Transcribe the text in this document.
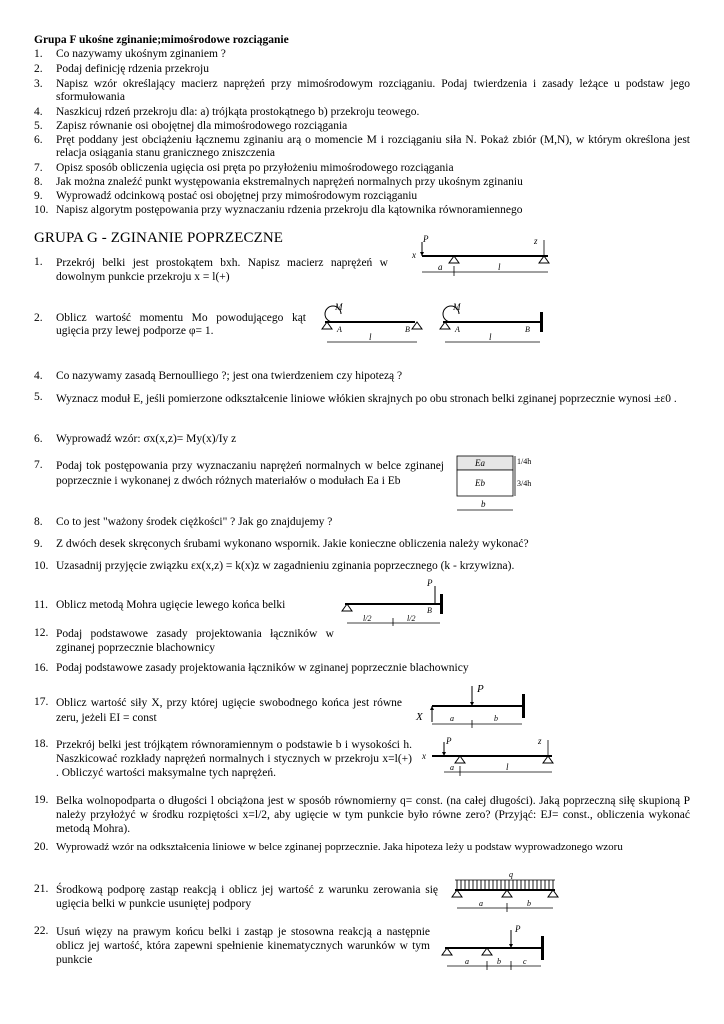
Grupa F ukośne zginanie;mimośrodowe rozciąganie
1.	Co nazywamy ukośnym zginaniem ?
2.	Podaj definicję rdzenia przekroju
3.	Napisz wzór określający macierz naprężeń przy mimośrodowym rozciąganiu. Podaj twierdzenia i zasady leżące u podstaw jego sformułowania
4.	Naszkicuj rdzeń przekroju dla: a) trójkąta prostokątnego b) przekroju teowego.
5.	Zapisz równanie osi obojętnej dla mimośrodowego rozciągania
6.	Pręt poddany jest obciążeniu łącznemu zginaniu arą o momencie M i rozciąganiu siła N. Pokaż zbiór (M,N), w którym określona jest relacja osiągania stanu granicznego zniszczenia
7.	Opisz sposób obliczenia ugięcia osi pręta po przyłożeniu mimośrodowego rozciągania
8.	Jak można znaleźć punkt występowania ekstremalnych naprężeń normalnych przy ukośnym zginaniu
9.	Wyprowadź odcinkową postać osi obojętnej przy mimośrodowym rozciąganiu
10. Napisz algorytm postępowania przy wyznaczaniu rdzenia przekroju dla kątownika równoramiennego
GRUPA G - ZGINANIE POPRZECZNE
1.	Przekrój belki jest prostokątem bxh. Napisz macierz naprężeń w dowolnym punkcie przekroju x = l(+)
2.	Oblicz wartość momentu Mo powodującego kąt ugięcia przy lewej podporze φ= 1.
4.	Co nazywamy zasadą Bernoulliego ?; jest ona twierdzeniem czy hipotezą ?
5.	Wyznacz moduł E, jeśli pomierzone odkształcenie liniowe włókien skrajnych po obu stronach belki zginanej poprzecznie wynosi ±ε0 .
6.	Wyprowadź wzór: σx(x,z)= My(x)/Iy z
7.	Podaj tok postępowania przy wyznaczaniu naprężeń normalnych w belce zginanej poprzecznie i wykonanej z dwóch różnych materiałów o modułach Ea i Eb
8.	Co to jest "ważony środek ciężkości" ? Jak go znajdujemy ?
9.	Z dwóch desek skręconych śrubami wykonano wspornik. Jakie konieczne obliczenia należy wykonać?
10. Uzasadnij przyjęcie związku εx(x,z) = k(x)z w zagadnieniu zginania poprzecznego (k - krzywizna).
11. Oblicz metodą Mohra ugięcie lewego końca belki
12. Podaj podstawowe zasady projektowania łączników w zginanej poprzecznie blachownicy
16. Podaj podstawowe zasady projektowania łączników w zginanej poprzecznie blachownicy
17. Oblicz wartość siły X, przy której ugięcie swobodnego końca jest równe zeru, jeżeli EI = const
18. Przekrój belki jest trójkątem równoramiennym o podstawie b i wysokości h. Naszkicować rozkłady naprężeń normalnych i stycznych w przekroju x=l(+) . Obliczyć wartości maksymalne tych naprężeń.
19. Belka wolnopodparta o długości l obciążona jest w sposób równomierny q= const. (na całej długości). Jaką poprzeczną siłę skupioną P należy przyłożyć w środku rozpiętości x=l/2, aby ugięcie w tym punkcie było równe zero? (Przyjąć: EJ= const., obliczenia wykonać metodą Mohra).
20. Wyprowadź wzór na odkształcenia liniowe w belce zginanej poprzecznie. Jaka hipoteza leży u podstaw wyprowadzonego wzoru
21. Środkową podporę zastąp reakcją i oblicz jej wartość z warunku zerowania się ugięcia belki w punkcie usuniętej podpory
22. Usuń więzy na prawym końcu belki i zastąp je stosowna reakcją a następnie oblicz jej wartość, która zapewni spełnienie kinematycznych warunków w tym punkcie
P	z
x
a	l
M
A	B
l
M
A	B
l
Ea
Eb
1/4h
3/4h
b
P
B
l/2	l/2
P
X	a	b
P	z
x
a	l
q
a	b
P
a	b	c
